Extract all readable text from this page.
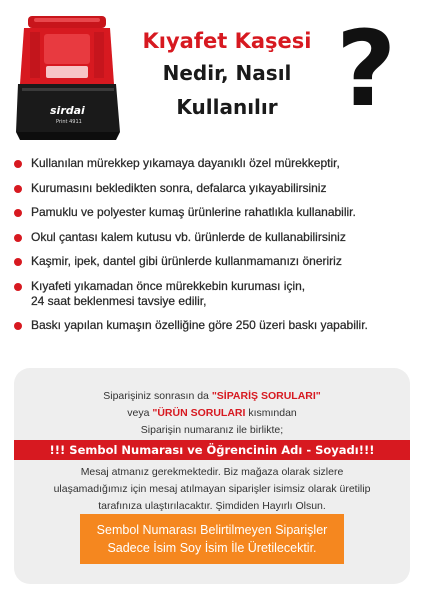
sirdai
Print 4911
Kıyafet Kaşesi
Nedir, Nasıl
Kullanılır ?
Kullanılan mürekkep yıkamaya dayanıklı özel mürekkeptir,
Kurumasını bekledikten sonra, defalarca yıkayabilirsiniz
Pamuklu ve polyester kumaş ürünlerine rahatlıkla kullanabilir.
Okul çantası kalem kutusu vb. ürünlerde de kullanabilirsiniz
Kaşmir, ipek, dantel gibi ürünlerde kullanmamanızı öneririz
Kıyafeti yıkamadan önce mürekkebin kuruması için,
24 saat beklenmesi tavsiye edilir,
Baskı yapılan kumaşın özelliğine göre 250 üzeri baskı yapabilir.
Siparişiniz sonrasın da "SİPARİŞ SORULARI"
veya "ÜRÜN SORULARI kısmından
Siparişin numaranız ile birlikte;
!!! Sembol Numarası ve Öğrencinin Adı - Soyadı!!!
Mesaj atmanız gerekmektedir. Biz mağaza olarak sizlere
ulaşamadığımız için mesaj atılmayan siparişler isimsiz olarak üretilip
tarafınıza ulaştırılacaktır. Şimdiden Hayırlı Olsun.
Sembol Numarası Belirtilmeyen Siparişler
Sadece İsim Soy İsim İle Üretilecektir.
